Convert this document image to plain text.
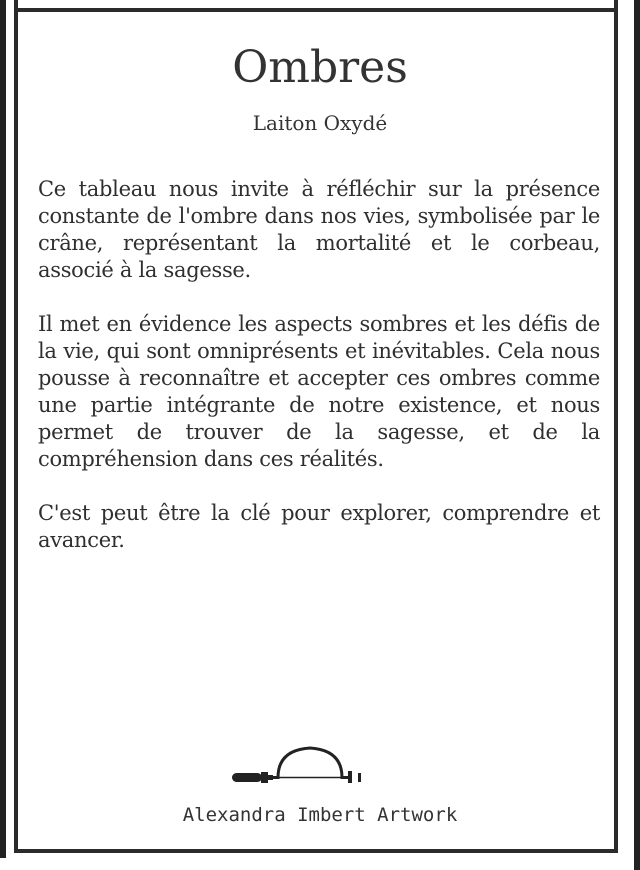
Ombres
Laiton Oxydé

Ce tableau nous invite à réfléchir sur la présence constante de l'ombre dans nos vies, symbolisée par le crâne, représentant la mortalité et le corbeau, associé à la sagesse.

Il met en évidence les aspects sombres et les défis de la vie, qui sont omniprésents et inévitables. Cela nous pousse à reconnaître et accepter ces ombres comme une partie intégrante de notre existence, et nous permet de trouver de la sagesse, et de la compréhension dans ces réalités.

C'est peut être la clé pour explorer, comprendre et avancer.

Alexandra Imbert Artwork
